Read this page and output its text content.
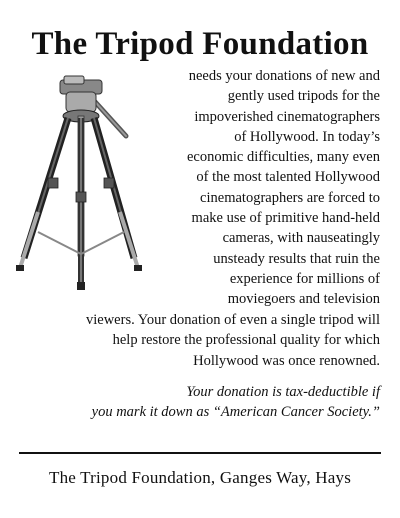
The Tripod Foundation
needs your donations of new and
gently used tripods for the
impoverished cinematographers
of Hollywood. In today’s
economic difficulties, many even
of the most talented Hollywood
cinematographers are forced to
make use of primitive hand-held
cameras, with nauseatingly
unsteady results that ruin the
experience for millions of
moviegoers and television
viewers. Your donation of even a single tripod will
help restore the professional quality for which
Hollywood was once renowned.
Your donation is tax-deductible if
you mark it down as “American Cancer Society.”
The Tripod Foundation, Ganges Way, Hays
